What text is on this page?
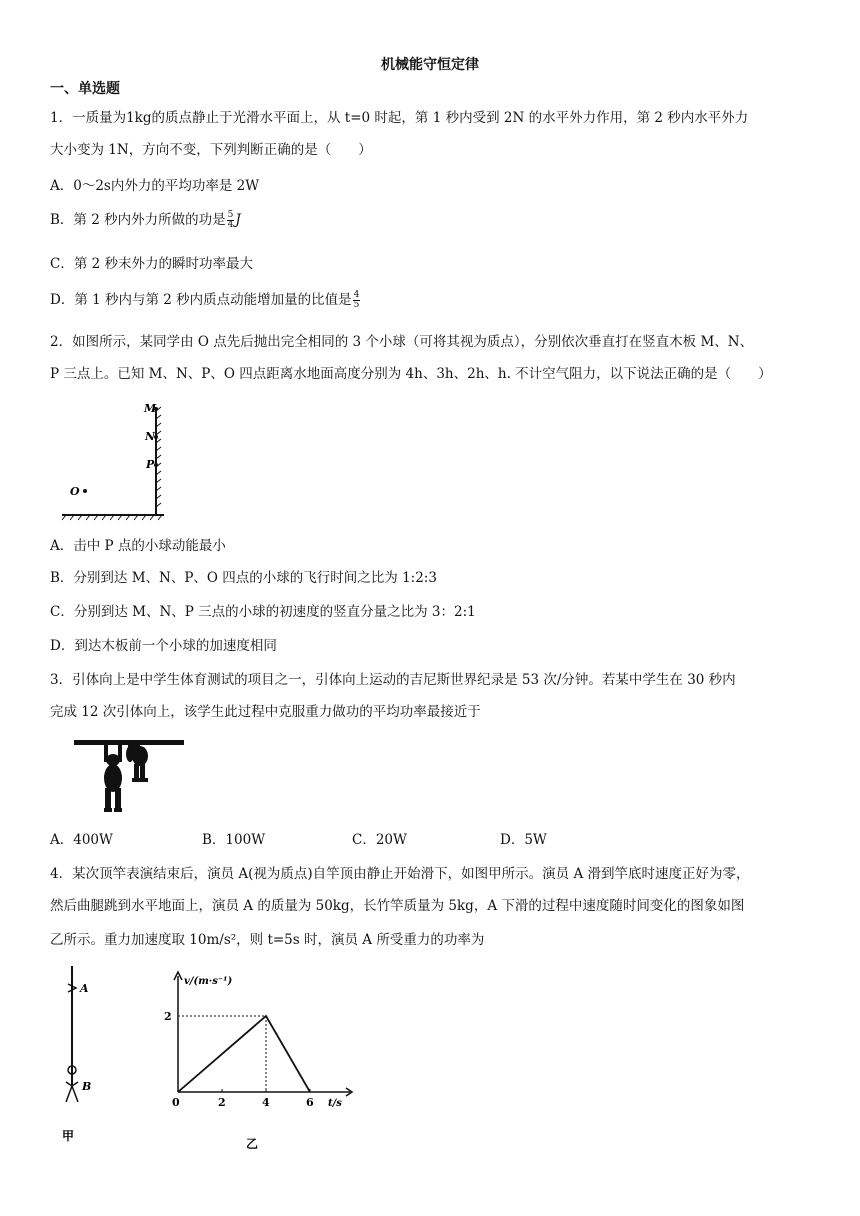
机械能守恒定律
一、单选题
1．一质量为1kg的质点静止于光滑水平面上，从 t=0 时起，第 1 秒内受到 2N 的水平外力作用，第 2 秒内水平外力
大小变为 1N，方向不变，下列判断正确的是（　　）
A．0～2s内外力的平均功率是 2W
B．第 2 秒内外力所做的功是 $\frac{5}{4}$ J
C．第 2 秒末外力的瞬时功率最大
D．第 1 秒内与第 2 秒内质点动能增加量的比值是 $\frac{4}{5}$
2．如图所示，某同学由 O 点先后抛出完全相同的 3 个小球（可将其视为质点），分别依次垂直打在竖直木板 M、N、
P 三点上。已知 M、N、P、O 四点距离水地面高度分别为 4h、3h、2h、h. 不计空气阻力，以下说法正确的是（　　）
M
N
P
O
A．击中 P 点的小球动能最小
B．分别到达 M、N、P、O 四点的小球的飞行时间之比为 1:2:3
C．分别到达 M、N、P 三点的小球的初速度的竖直分量之比为 3：2:1
D．到达木板前一个小球的加速度相同
3．引体向上是中学生体育测试的项目之一，引体向上运动的吉尼斯世界纪录是 53 次/分钟。若某中学生在 30 秒内
完成 12 次引体向上，该学生此过程中克服重力做功的平均功率最接近于
A．400W	B．100W	C．20W	D．5W
4．某次顶竿表演结束后，演员 A(视为质点)自竿顶由静止开始滑下，如图甲所示。演员 A 滑到竿底时速度正好为零，
然后曲腿跳到水平地面上，演员 A 的质量为 50kg，长竹竿质量为 5kg，A 下滑的过程中速度随时间变化的图象如图
乙所示。重力加速度取 10m/s²，则 t=5s 时，演员 A 所受重力的功率为
A
B
甲
v/(m·s⁻¹)
t/s
0	2	4	6
2
乙
